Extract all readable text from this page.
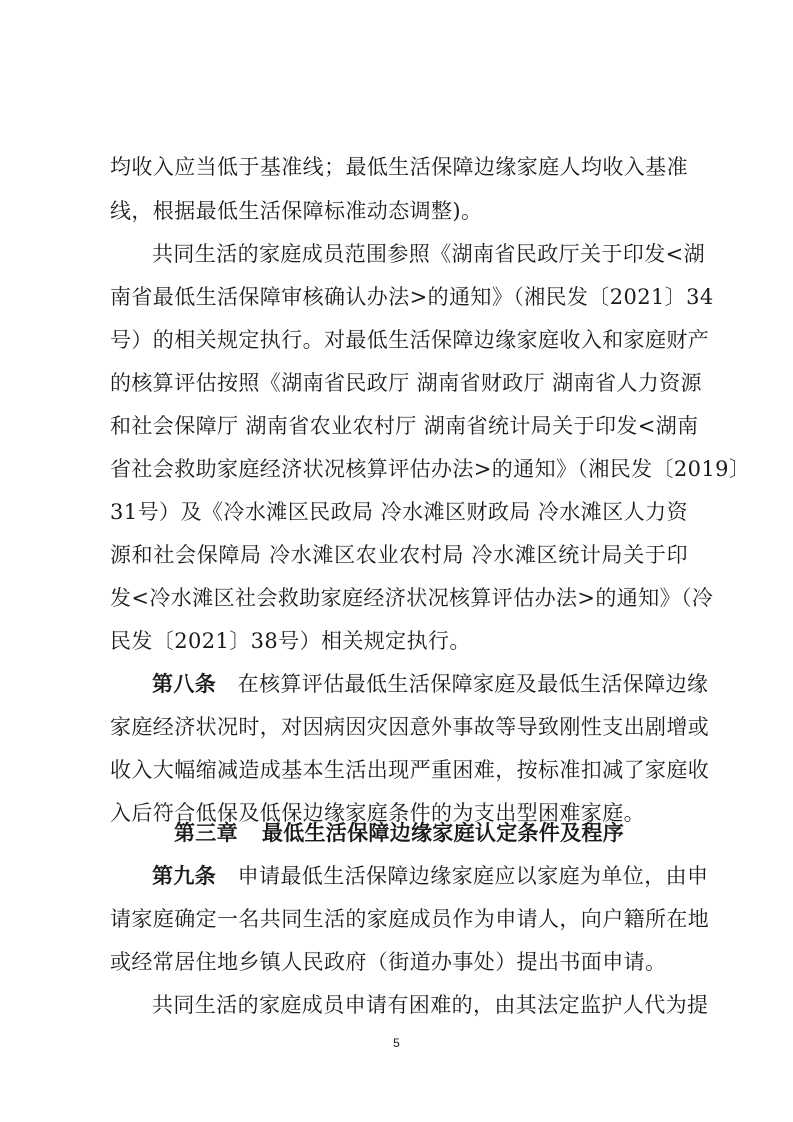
均收入应当低于基准线；最低生活保障边缘家庭人均收入基准
线，根据最低生活保障标准动态调整)。
共同生活的家庭成员范围参照《湖南省民政厅关于印发<湖
南省最低生活保障审核确认办法>的通知》（湘民发〔2021〕34
号）的相关规定执行。对最低生活保障边缘家庭收入和家庭财产
的核算评估按照《湖南省民政厅 湖南省财政厅 湖南省人力资源
和社会保障厅 湖南省农业农村厅 湖南省统计局关于印发<湖南
省社会救助家庭经济状况核算评估办法>的通知》（湘民发〔2019〕
31号）及《冷水滩区民政局 冷水滩区财政局 冷水滩区人力资
源和社会保障局 冷水滩区农业农村局 冷水滩区统计局关于印
发<冷水滩区社会救助家庭经济状况核算评估办法>的通知》（冷
民发〔2021〕38号）相关规定执行。
第八条  在核算评估最低生活保障家庭及最低生活保障边缘
家庭经济状况时，对因病因灾因意外事故等导致刚性支出剧增或
收入大幅缩减造成基本生活出现严重困难，按标准扣减了家庭收
入后符合低保及低保边缘家庭条件的为支出型困难家庭。
第三章 最低生活保障边缘家庭认定条件及程序
第九条  申请最低生活保障边缘家庭应以家庭为单位，由申
请家庭确定一名共同生活的家庭成员作为申请人，向户籍所在地
或经常居住地乡镇人民政府（街道办事处）提出书面申请。
共同生活的家庭成员申请有困难的，由其法定监护人代为提
5
